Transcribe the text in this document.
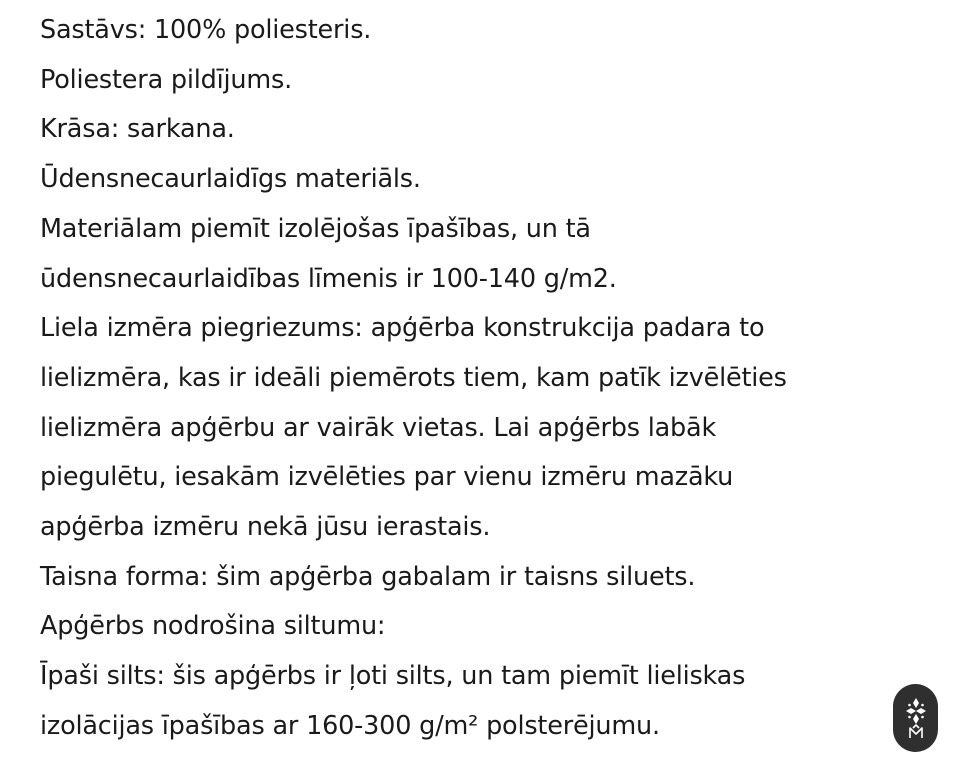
Sastāvs: 100% poliesteris.
Poliestera pildījums.
Krāsa: sarkana.
Ūdensnecaurlaidīgs materiāls.
Materiālam piemīt izolējošas īpašības, un tā
ūdensnecaurlaidības līmenis ir 100-140 g/m2.
Liela izmēra piegriezums: apģērba konstrukcija padara to
lielizmēra, kas ir ideāli piemērots tiem, kam patīk izvēlēties
lielizmēra apģērbu ar vairāk vietas. Lai apģērbs labāk
piegulētu, iesakām izvēlēties par vienu izmēru mazāku
apģērba izmēru nekā jūsu ierastais.
Taisna forma: šim apģērba gabalam ir taisns siluets.
Apģērbs nodrošina siltumu:
Īpaši silts: šis apģērbs ir ļoti silts, un tam piemīt lieliskas
izolācijas īpašības ar 160-300 g/m² polsterējumu.
